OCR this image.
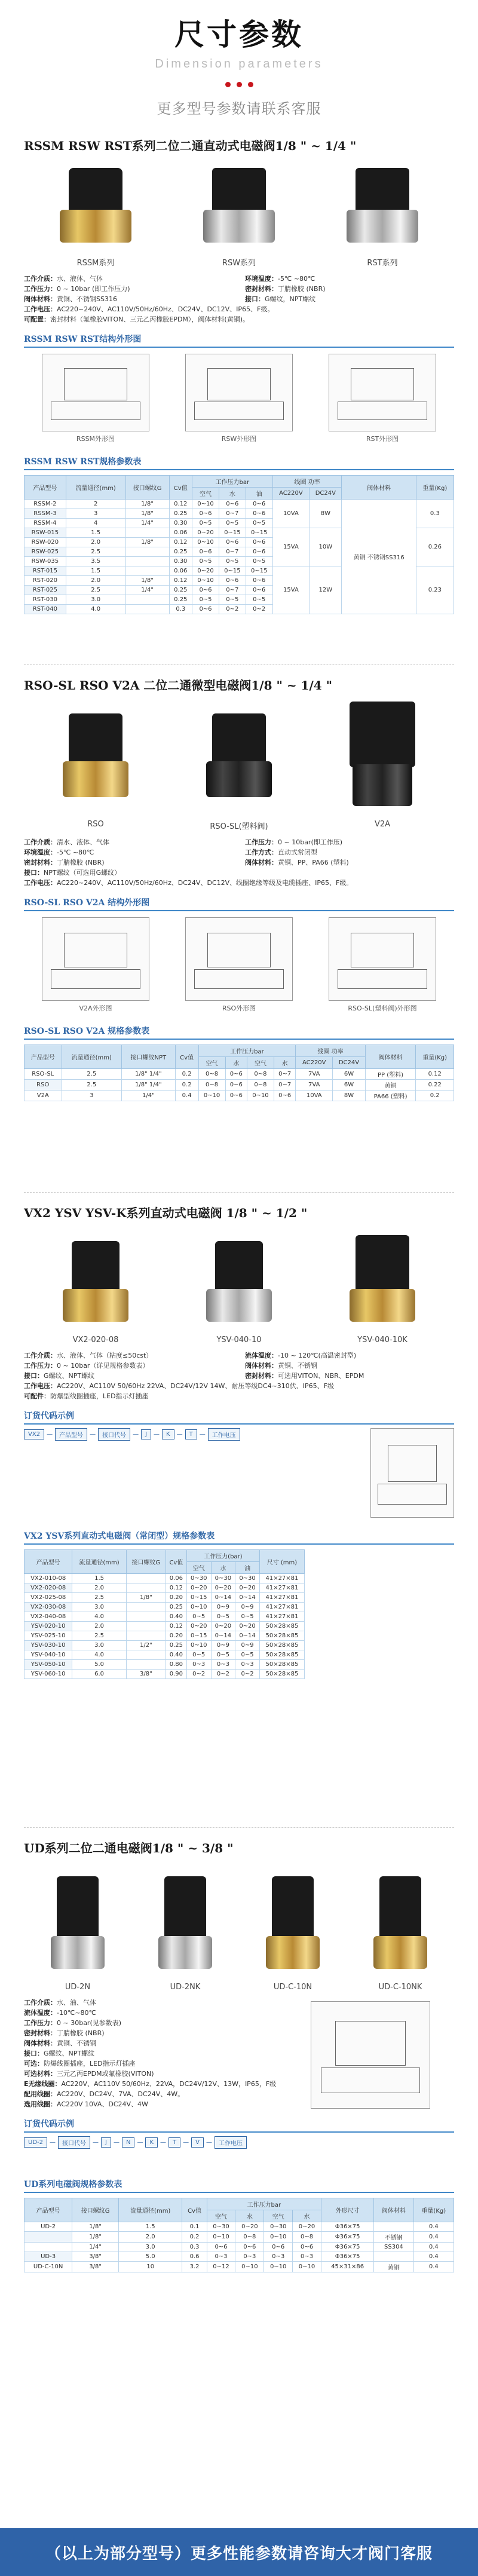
尺寸参数
Dimension parameters
更多型号参数请联系客服
RSSM RSW RST系列二位二通直动式电磁阀1/8 " ~ 1/4 "
RSSM系列	RSW系列	RST系列
工作介质：水、液体、气体	环境温度：-5℃ ~80℃
工作压力：0 ~ 10bar (即工作压力)	密封材料：丁腈橡胶 (NBR)
阀体材料：黄铜、不锈钢SS316	接口：G螺纹，NPT螺纹
工作电压：AC220~240V、AC110V/50Hz/60Hz、DC24V、DC12V、IP65、F级。
可配置：密封材料（氟橡胶VITON、三元乙丙橡胶EPDM），阀体材料(黄铜)。
RSSM RSW RST结构外形图
RSSM外形图	RSW外形图	RST外形图
RSSM RSW RST规格参数表
产品型号	流量通径(mm)	接口螺纹G	Cv值	工作压力bar			线圈 功率		阀体材料	重量(Kg)
				空气	水	油	AC220V	DC24V		
RSSM-2	2	1/8"	0.12	0~10	0~6	0~6	10VA	8W	黄铜 不锈钢SS316	0.3
RSSM-3	3	1/8"	0.25	0~6	0~7	0~6				
RSSM-4	4	1/4"	0.30	0~5	0~5	0~5				
RSW-015	1.5		0.06	0~20	0~15	0~15	15VA	10W		0.26
RSW-020	2.0	1/8"	0.12	0~10	0~6	0~6				
RSW-025	2.5		0.25	0~6	0~7	0~6				
RSW-035	3.5		0.30	0~5	0~5	0~5				
RST-015	1.5		0.06	0~20	0~15	0~15	15VA	12W		0.23
RST-020	2.0	1/8"	0.12	0~10	0~6	0~6				
RST-025	2.5	1/4"	0.25	0~6	0~7	0~6				
RST-030	3.0		0.25	0~5	0~5	0~5				
RST-040	4.0		0.3	0~6	0~2	0~2				
RSO-SL RSO V2A 二位二通微型电磁阀1/8 " ~ 1/4 "
RSO	RSO-SL(塑料阀)	V2A
工作介质：清水、液体、气体	工作压力：0 ~ 10bar(即工作压)
环境温度：-5℃ ~80℃	工作方式：直动式常闭型
密封材料：丁腈橡胶 (NBR)	阀体材料：黄铜、PP、PA66 (塑料)
接口：NPT螺纹（可选用G螺纹）
工作电压：AC220~240V、AC110V/50Hz/60Hz、DC24V、DC12V、线圈绝缘等级及电缆插座、IP65、F级。
RSO-SL RSO V2A 结构外形图
V2A外形图	RSO外形图	RSO-SL(塑料阀)外形图
RSO-SL RSO V2A 规格参数表
产品型号	流量通径(mm)	接口螺纹NPT	Cv值	工作压力bar				线圈 功率		阀体材料	重量(Kg)
				空气	水	空气	水	AC220V	DC24V		
RSO-SL	2.5	1/8" 1/4"	0.2	0~8	0~6	0~8	0~7	7VA	6W	PP (塑料)	0.12
RSO	2.5	1/8" 1/4"	0.2	0~8	0~6	0~8	0~7	7VA	6W	黄铜	0.22
V2A	3	1/4"	0.4	0~10	0~6	0~10	0~6	10VA	8W	PA66 (塑料)	0.2
VX2 YSV YSV-K系列直动式电磁阀 1/8 " ~ 1/2 "
VX2-020-08	YSV-040-10	YSV-040-10K
工作介质：水、液体、气体（粘度≤50cst）	流体温度：-10 ~ 120℃(高温密封型)
工作压力：0 ~ 10bar（详见规格参数表）	阀体材料：黄铜、不锈钢
接口：G螺纹、NPT螺纹	密封材料：可选用VITON、NBR、EPDM
工作电压：AC220V、AC110V 50/60Hz 22VA、DC24V/12V 14W、耐压等级DC4~310伏、IP65、F级
可配件：防爆型线圈插座，LED指示灯插座
订货代码示例
VX2	—	产品型号	—	接口代号	—	J	—	K	—	T	—	工作电压
VX2 YSV系列直动式电磁阀（常闭型）规格参数表
产品型号	流量通径(mm)	接口螺纹G	Cv值	工作压力(bar)			尺寸 (mm)
				空气	水	油	
VX2-010-08	1.5		0.06	0~30	0~30	0~30	41×27×81
VX2-020-08	2.0		0.12	0~20	0~20	0~20	41×27×81
VX2-025-08	2.5	1/8"	0.20	0~15	0~14	0~14	41×27×81
VX2-030-08	3.0		0.25	0~10	0~9	0~9	41×27×81
VX2-040-08	4.0		0.40	0~5	0~5	0~5	41×27×81
YSV-020-10	2.0		0.12	0~20	0~20	0~20	50×28×85
YSV-025-10	2.5		0.20	0~15	0~14	0~14	50×28×85
YSV-030-10	3.0	1/2"	0.25	0~10	0~9	0~9	50×28×85
YSV-040-10	4.0		0.40	0~5	0~5	0~5	50×28×85
YSV-050-10	5.0		0.80	0~3	0~3	0~3	50×28×85
YSV-060-10	6.0	3/8"	0.90	0~2	0~2	0~2	50×28×85
UD系列二位二通电磁阀1/8 " ~ 3/8 "
UD-2N	UD-2NK	UD-C-10N	UD-C-10NK
工作介质：水、油、气体
流体温度：-10℃~80℃
工作压力：0 ~ 30bar(见参数表)
密封材料：丁腈橡胶 (NBR)
阀体材料：黄铜、不锈钢
接口：G螺纹、NPT螺纹
可选：防爆线圈插座，LED指示灯插座
可选材料：三元乙丙EPDM或氟橡胶(VITON)
E无缘线圈：AC220V、AC110V 50/60Hz、22VA，DC24V/12V、13W，IP65，F级
配用线圈：AC220V、DC24V、7VA、DC24V、4W。
选用线圈：AC220V 10VA、DC24V、4W
订货代码示例
UD-2	—	接口代号	—	J	—	N	—	K	—	T	—	V	—	工作电压
UD系列电磁阀规格参数表
产品型号	接口螺纹G	流量通径(mm)	Cv值	工作压力bar				外形尺寸	阀体材料	重量(Kg)
				空气	水	空气	水			
UD-2	1/8"	1.5	0.1	0~30	0~20	0~30	0~20	Φ36×75		0.4
	1/8"	2.0	0.2	0~10	0~8	0~10	0~8	Φ36×75	不锈钢	0.4
	1/4"	3.0	0.3	0~6	0~6	0~6	0~6	Φ36×75	SS304	0.4
UD-3	3/8"	5.0	0.6	0~3	0~3	0~3	0~3	Φ36×75		0.4
UD-C-10N	3/8"	10	3.2	0~12	0~10	0~10	0~10	45×31×86	黄铜	0.4
（以上为部分型号）更多性能参数请咨询大才阀门客服
